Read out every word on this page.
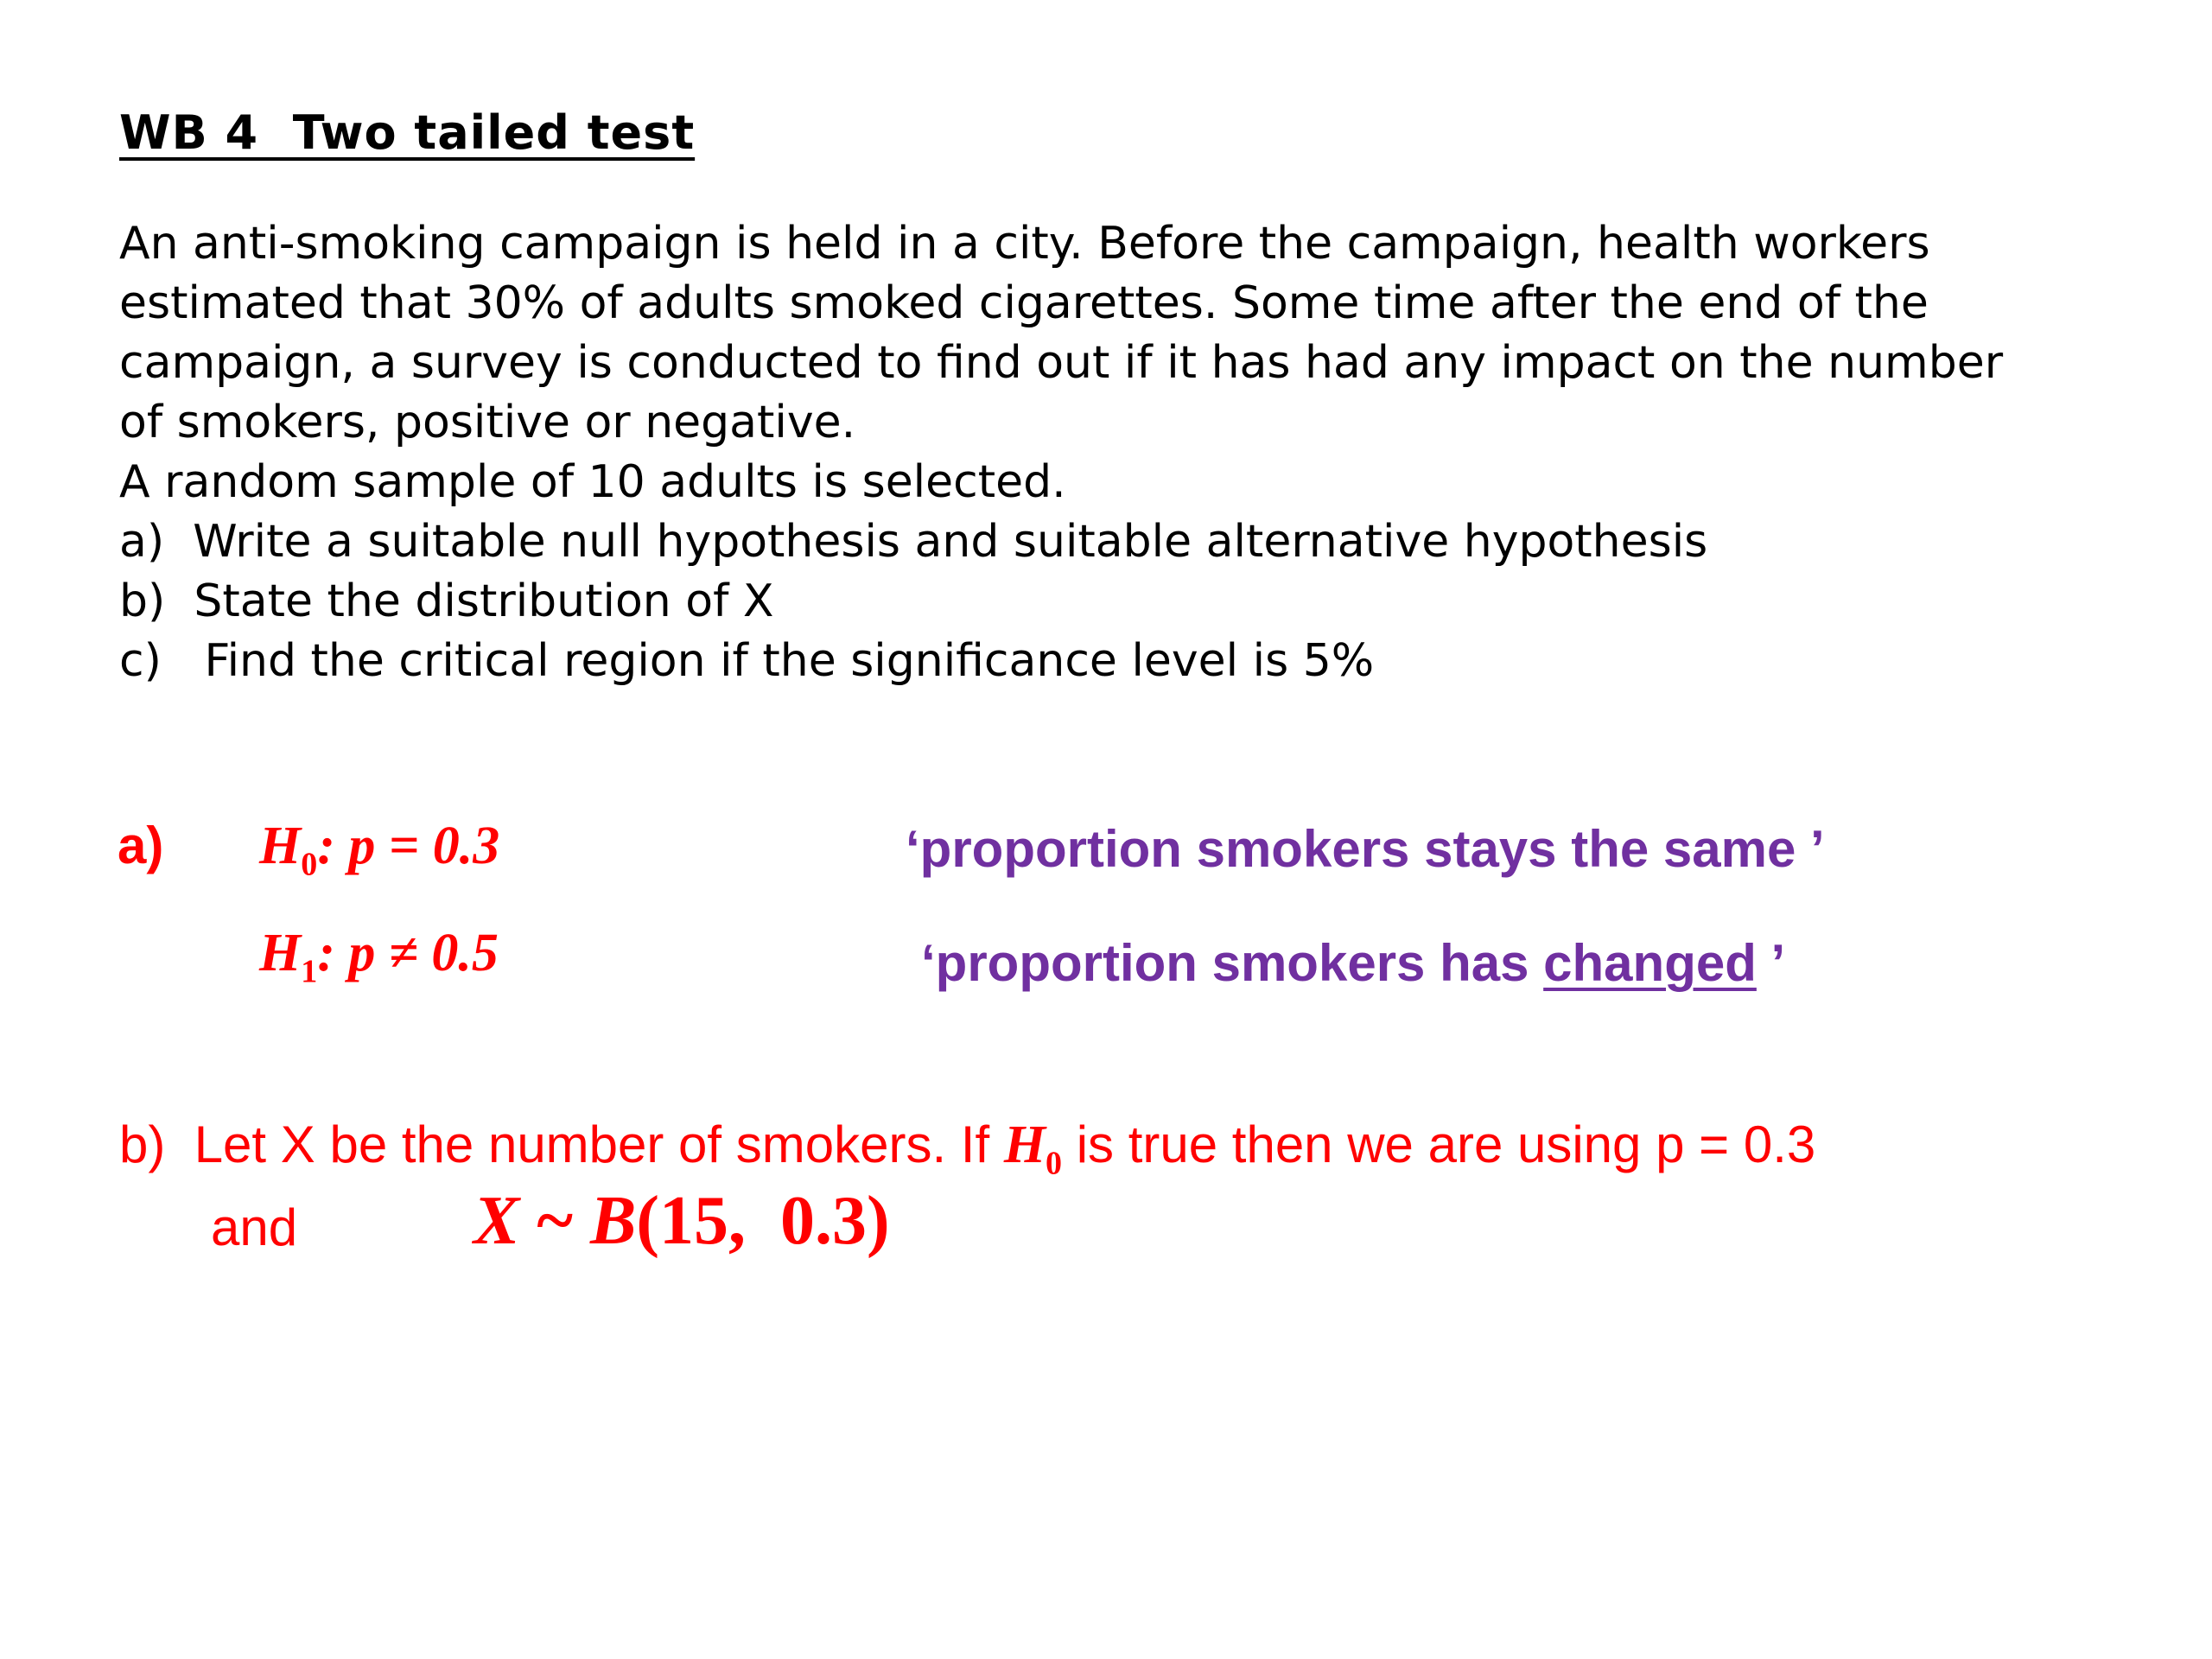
WB 4  Two tailed test

An anti-smoking campaign is held in a city. Before the campaign, health workers

estimated that 30% of adults smoked cigarettes. Some time after the end of the

campaign, a survey is conducted to find out if it has had any impact on the number

of smokers, positive or negative.

A random sample of 10 adults is selected.

a)  Write a suitable null hypothesis and suitable alternative hypothesis
b)  State the distribution of X
c)   Find the critical region if the significance level is 5%
a) $H_0$: p = 0.3
$H_1$: p ≠ 0.5
‘proportion smokers stays the same ’
‘proportion smokers has changed ’
b)  Let X be the number of smokers. If $H_0$ is true then we are using p = 0.3
and	X ~ B(15,  0.3)
